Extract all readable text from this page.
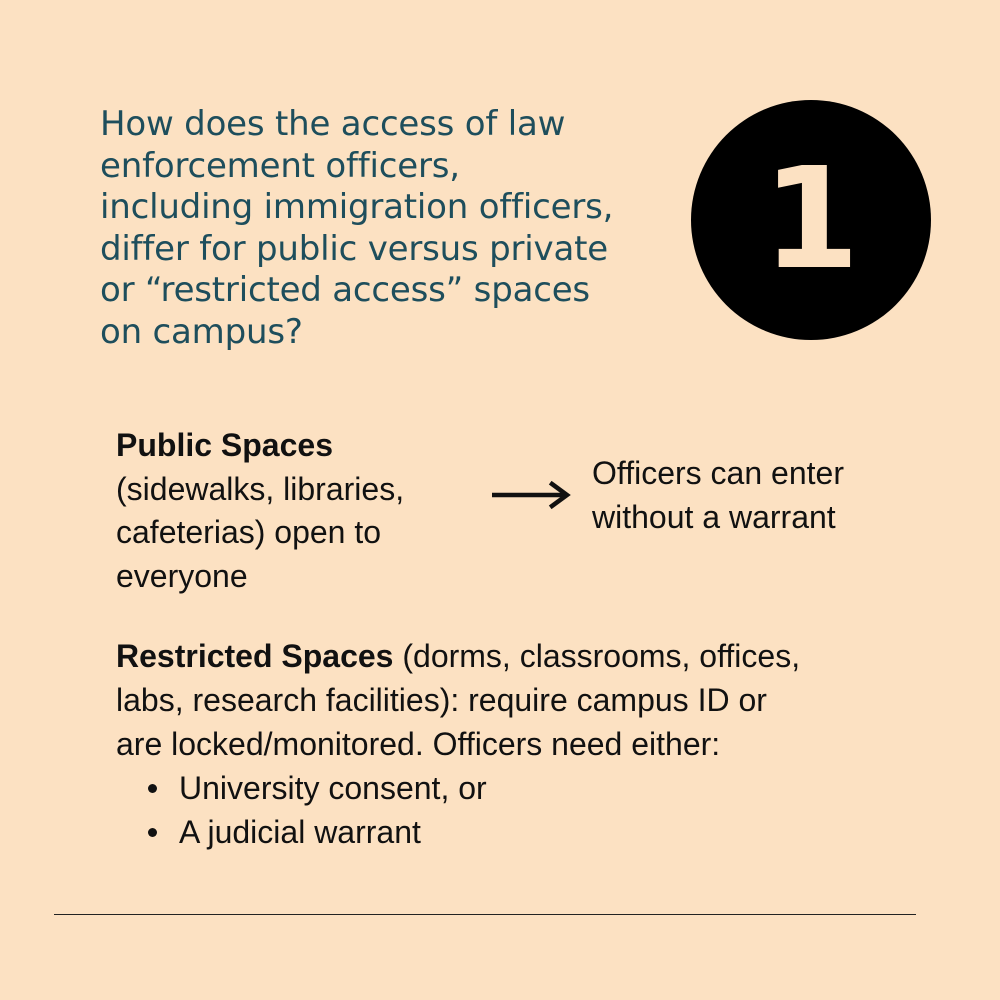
How does the access of law
enforcement officers,
including immigration officers,
differ for public versus private
or “restricted access” spaces
on campus?
1
Public Spaces
(sidewalks, libraries,
cafeterias) open to
everyone
Officers can enter
without a warrant
Restricted Spaces (dorms, classrooms, offices,
labs, research facilities): require campus ID or
are locked/monitored. Officers need either:
University consent, or
A judicial warrant
